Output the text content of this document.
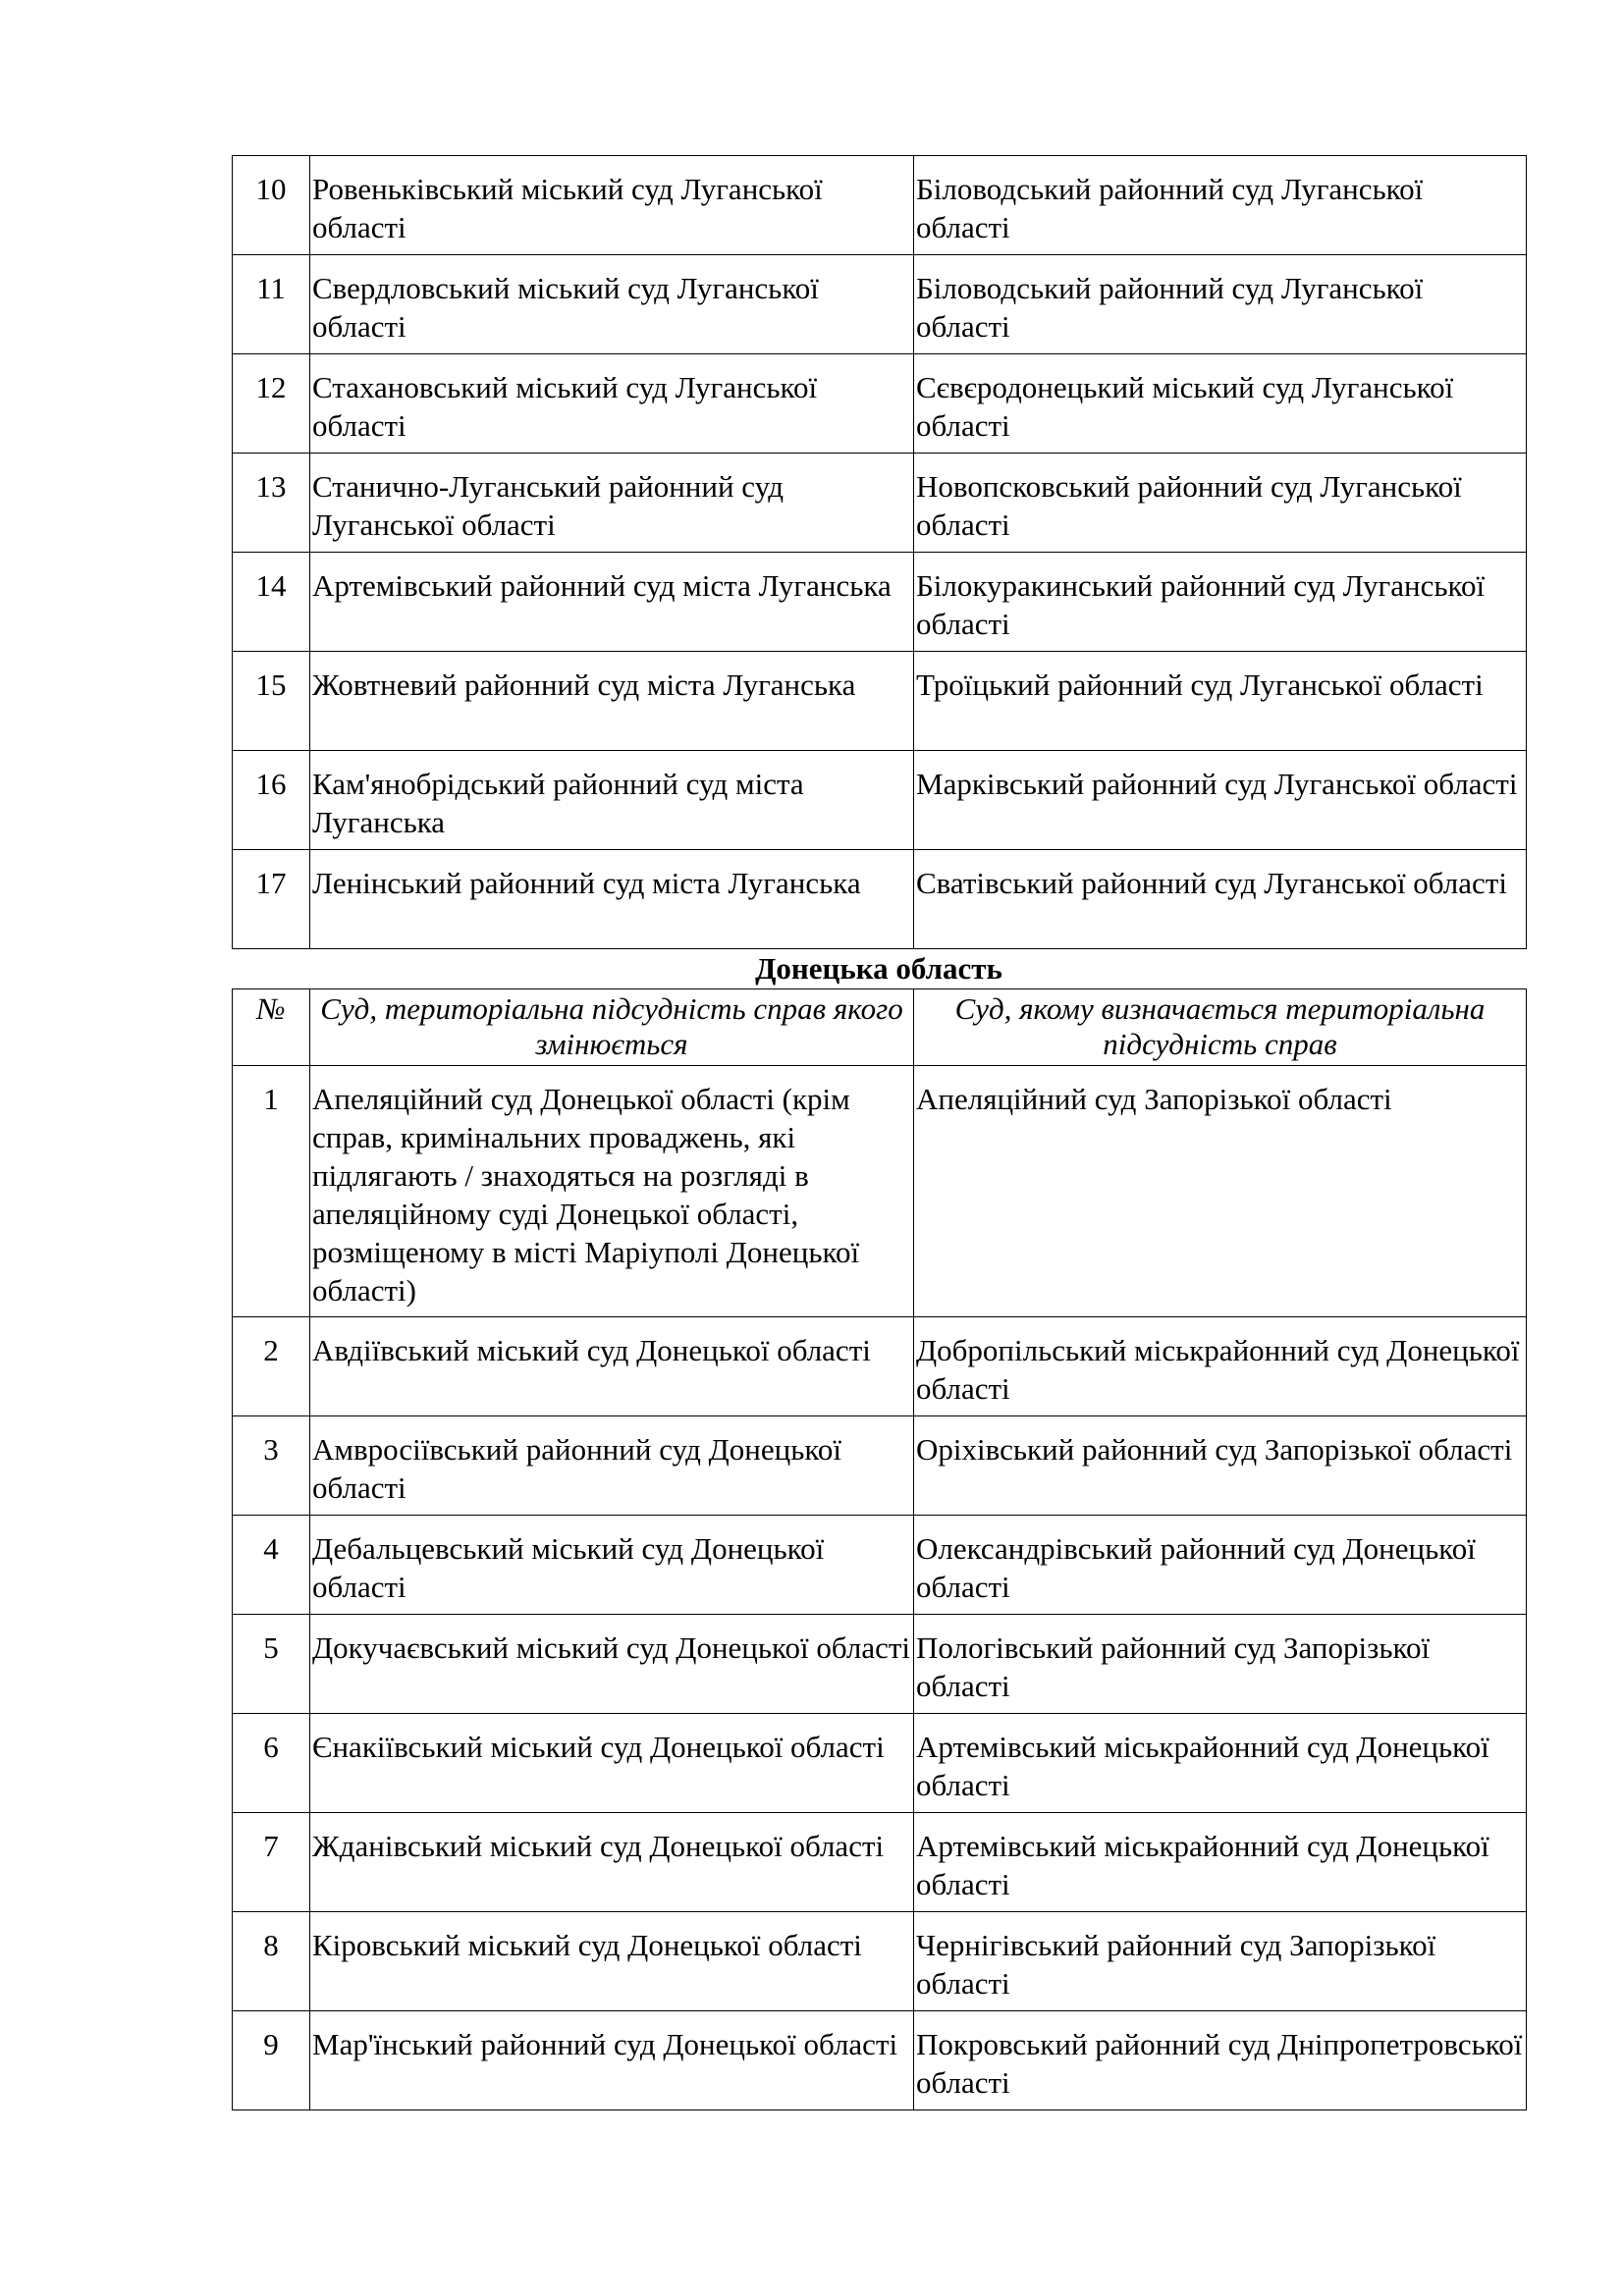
10	Ровеньківський міський суд Луганської області	Біловодський районний суд Луганської області
11	Свердловський міський суд Луганської області	Біловодський районний суд Луганської області
12	Стахановський міський суд Луганської області	Сєвєродонецький міський суд Луганської області
13	Станично-Луганський районний суд Луганської області	Новопсковський районний суд Луганської області
14	Артемівський районний суд міста Луганська	Білокуракинський районний суд Луганської області
15	Жовтневий районний суд міста Луганська	Троїцький районний суд Луганської області
16	Кам'янобрідський районний суд міста Луганська	Марківський районний суд Луганської області
17	Ленінський районний суд міста Луганська	Сватівський районний суд Луганської області
Донецька область
№	Суд, територіальна підсудність справ якого змінюється	Суд, якому визначається територіальна підсудність справ
1	Апеляційний суд Донецької області (крім справ, кримінальних проваджень, які підлягають / знаходяться на розгляді в апеляційному суді Донецької області, розміщеному в місті Маріуполі Донецької області)	Апеляційний суд Запорізької області
2	Авдіївський міський суд Донецької області	Добропільський міськрайонний суд Донецької області
3	Амвросіївський районний суд Донецької області	Оріхівський районний суд Запорізької області
4	Дебальцевський міський суд Донецької області	Олександрівський районний суд Донецької області
5	Докучаєвський міський суд Донецької області	Пологівський районний суд Запорізької області
6	Єнакіївський міський суд Донецької області	Артемівський міськрайонний суд Донецької області
7	Жданівський міський суд Донецької області	Артемівський міськрайонний суд Донецької області
8	Кіровський міський суд Донецької області	Чернігівський районний суд Запорізької області
9	Мар'їнський районний суд Донецької області	Покровський районний суд Дніпропетровської області
